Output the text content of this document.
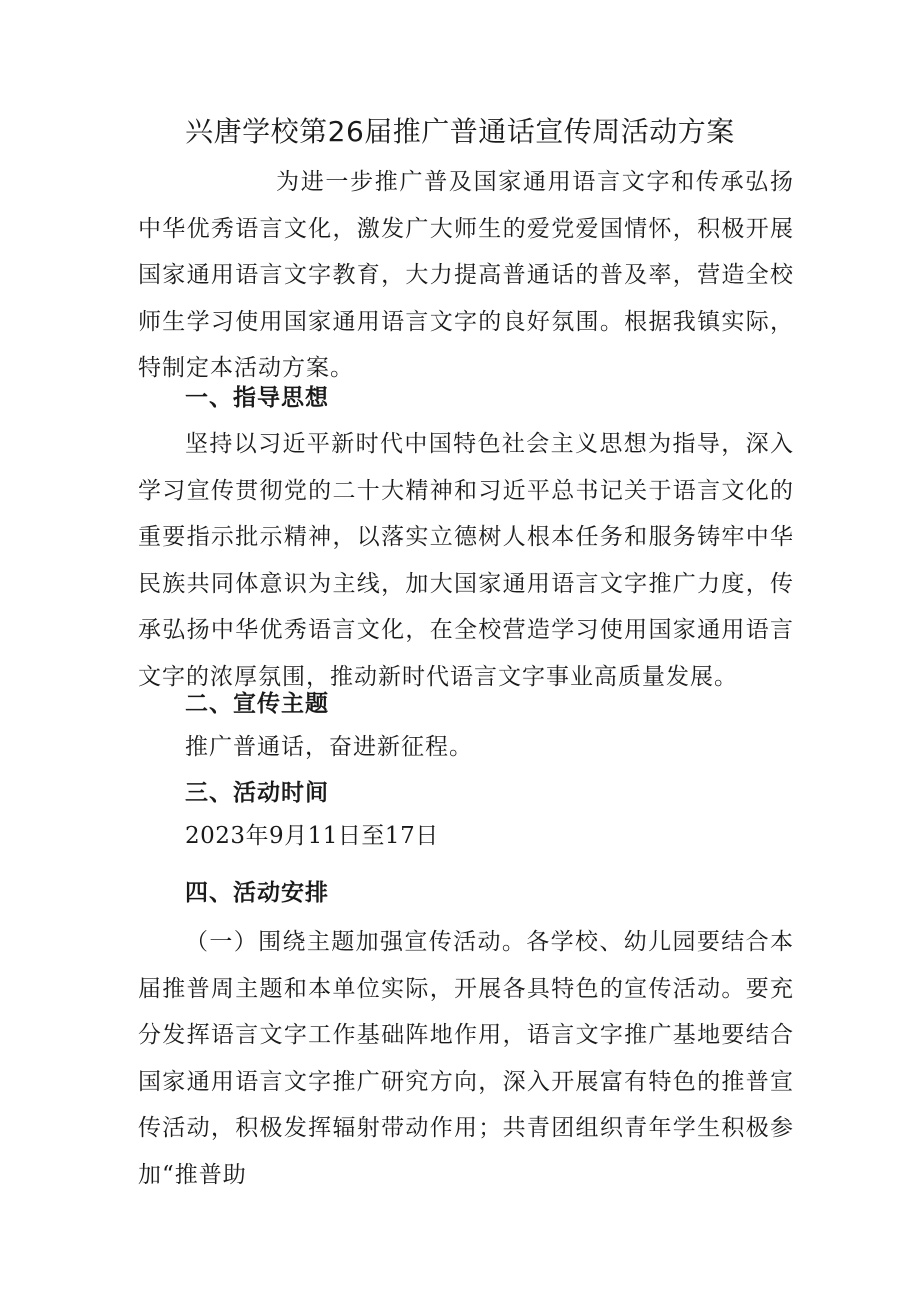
兴唐学校第26届推广普通话宣传周活动方案

为进一步推广普及国家通用语言文字和传承弘扬中华优秀语言文化，激发广大师生的爱党爱国情怀，积极开展国家通用语言文字教育，大力提高普通话的普及率，营造全校师生学习使用国家通用语言文字的良好氛围。根据我镇实际，特制定本活动方案。

一、指导思想

坚持以习近平新时代中国特色社会主义思想为指导，深入学习宣传贯彻党的二十大精神和习近平总书记关于语言文化的重要指示批示精神，以落实立德树人根本任务和服务铸牢中华民族共同体意识为主线，加大国家通用语言文字推广力度，传承弘扬中华优秀语言文化，在全校营造学习使用国家通用语言文字的浓厚氛围，推动新时代语言文字事业高质量发展。

二、宣传主题

推广普通话，奋进新征程。

三、活动时间

2023年9月11日至17日

四、活动安排

（一）围绕主题加强宣传活动。各学校、幼儿园要结合本届推普周主题和本单位实际，开展各具特色的宣传活动。要充分发挥语言文字工作基础阵地作用，语言文字推广基地要结合国家通用语言文字推广研究方向，深入开展富有特色的推普宣传活动，积极发挥辐射带动作用；共青团组织青年学生积极参加“推普助
